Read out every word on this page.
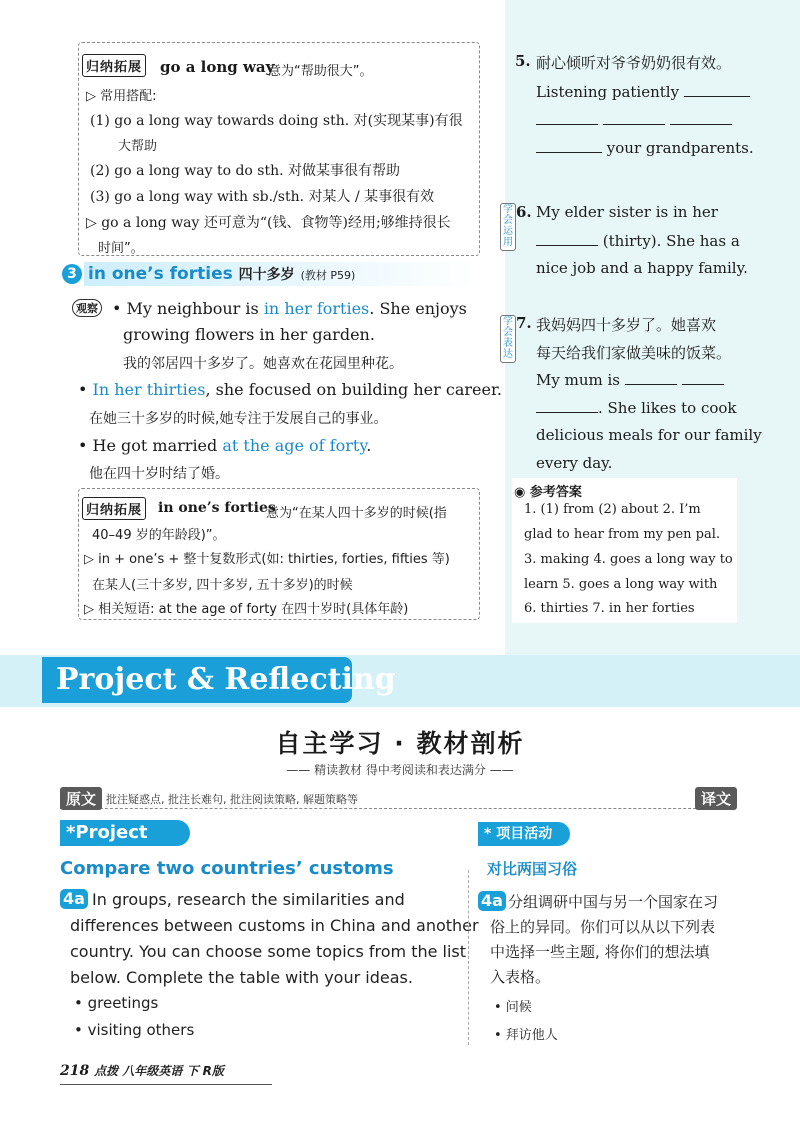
归纳拓展 go a long way
意为“帮助很大”。
▷ 常用搭配:
(1) go a long way towards doing sth. 对(实现某事)有很
大帮助
(2) go a long way to do sth. 对做某事很有帮助
(3) go a long way with sb./sth. 对某人 / 某事很有效
▷ go a long way 还可意为“(钱、食物等)经用;够维持很长
时间”。
3 in one’s forties 四十多岁 (教材 P59)
观察 • My neighbour is in her forties. She enjoys
growing flowers in her garden.
我的邻居四十多岁了。她喜欢在花园里种花。
• In her thirties, she focused on building her career.
在她三十多岁的时候,她专注于发展自己的事业。
• He got married at the age of forty.
他在四十岁时结了婚。
归纳拓展 in one’s forties
意为“在某人四十多岁的时候(指
40–49 岁的年龄段)”。
▷ in + one’s + 整十复数形式(如: thirties, forties, fifties 等)
在某人(三十多岁, 四十多岁, 五十多岁)的时候
▷ 相关短语: at the age of forty 在四十岁时(具体年龄)
5. 耐心倾听对爷爷奶奶很有效。
Listening patiently

your grandparents.
学会运用
6. My elder sister is in her
(thirty). She has a
nice job and a happy family.
学会表达
7. 我妈妈四十多岁了。她喜欢
每天给我们家做美味的饭菜。
My mum is
. She likes to cook
delicious meals for our family
every day.
◉ 参考答案
1. (1) from (2) about 2. I’m
glad to hear from my pen pal.
3. making 4. goes a long way to
learn 5. goes a long way with
6. thirties 7. in her forties
Project & Reflecting
自主学习 · 教材剖析
—— 精读教材 得中考阅读和表达满分 ——
原文 批注疑惑点, 批注长难句, 批注阅读策略, 解题策略等	译文
*Project	* 项目活动
Compare two countries’ customs	对比两国习俗
4a In groups, research the similarities and
differences between customs in China and another
country. You can choose some topics from the list
below. Complete the table with your ideas.
• greetings
• visiting others
4a 分组调研中国与另一个国家在习
俗上的异同。你们可以从以下列表
中选择一些主题, 将你们的想法填
入表格。
• 问候
• 拜访他人
218 点拨 八年级英语 下 R版
